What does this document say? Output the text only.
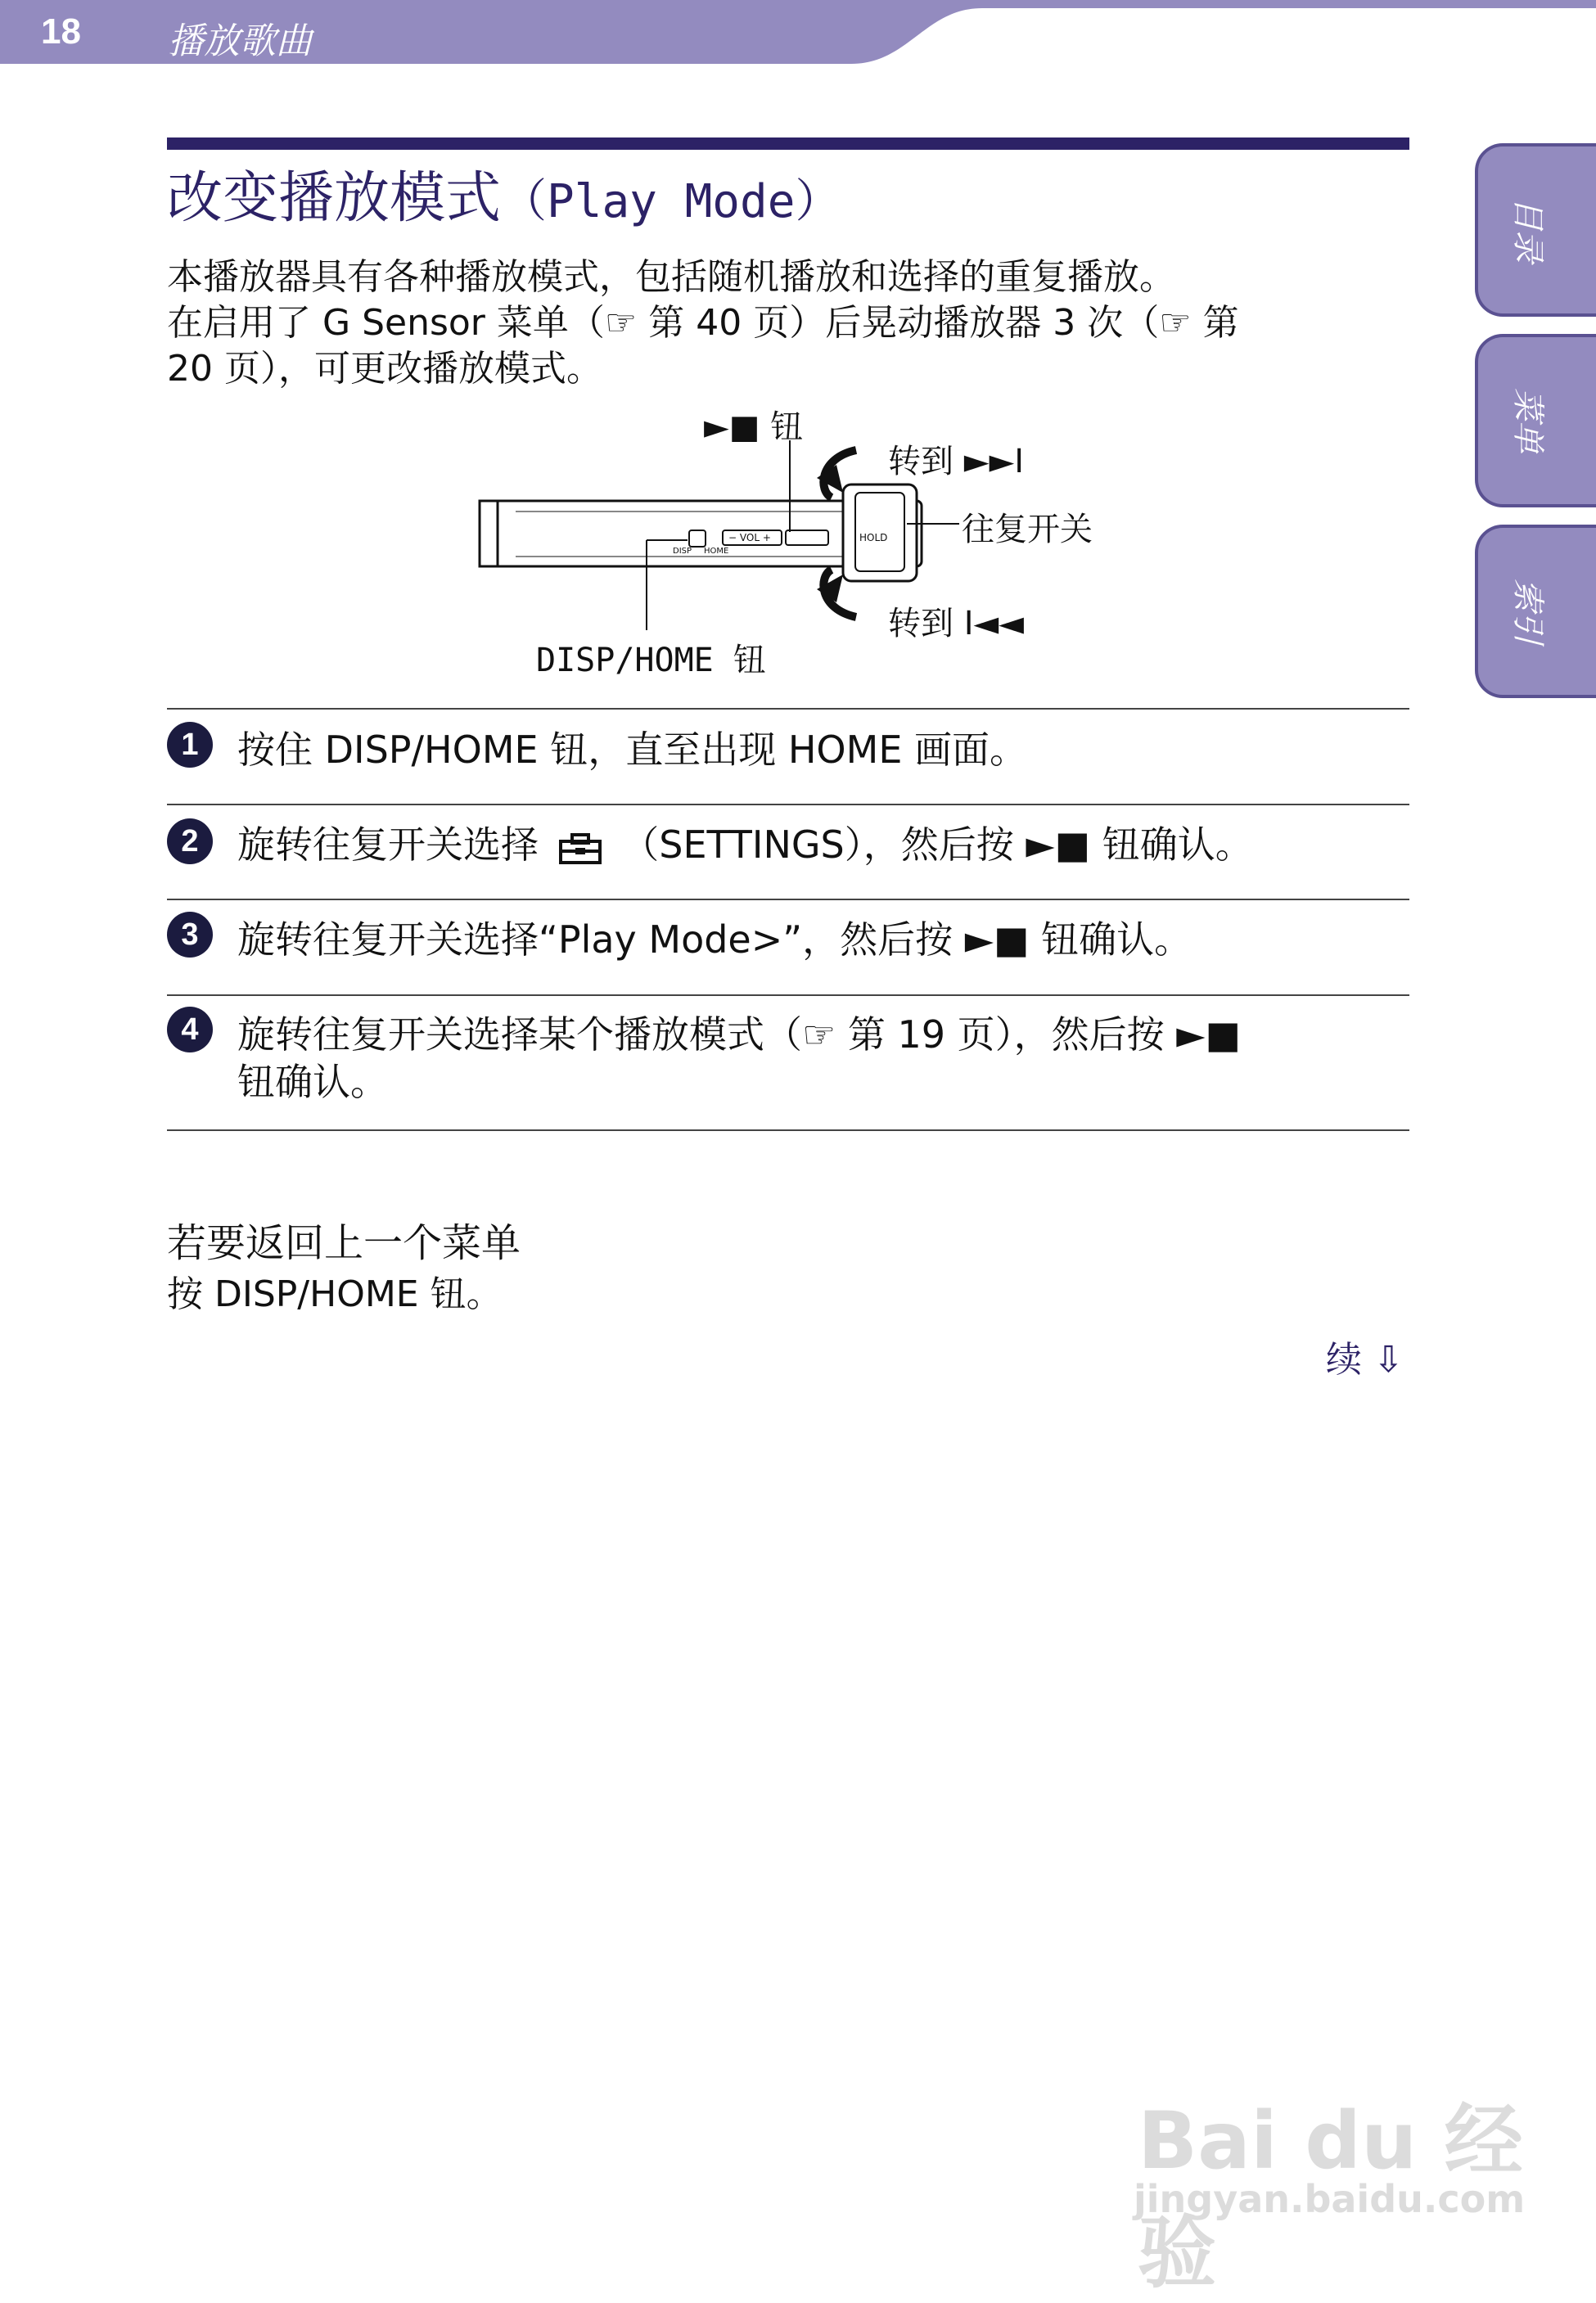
18 播放歌曲
目录
菜单
索引
改变播放模式（Play Mode）
本播放器具有各种播放模式，包括随机播放和选择的重复播放。
在启用了 G Sensor 菜单（☞ 第 40 页）后晃动播放器 3 次（☞ 第
20 页），可更改播放模式。
►■ 钮
转到 ►►I
往复开关
转到 I◄◄
DISP/HOME 钮
− VOL +	HOLD
DISP HOME
1	按住 DISP/HOME 钮，直至出现 HOME 画面。
2	旋转往复开关选择 （SETTINGS），然后按 ►■ 钮确认。
3	旋转往复开关选择“Play Mode>”，然后按 ►■ 钮确认。
4	旋转往复开关选择某个播放模式（☞ 第 19 页），然后按 ►■
钮确认。
若要返回上一个菜单
按 DISP/HOME 钮。
续 ⇩
Bai du 经验
jingyan.baidu.com
